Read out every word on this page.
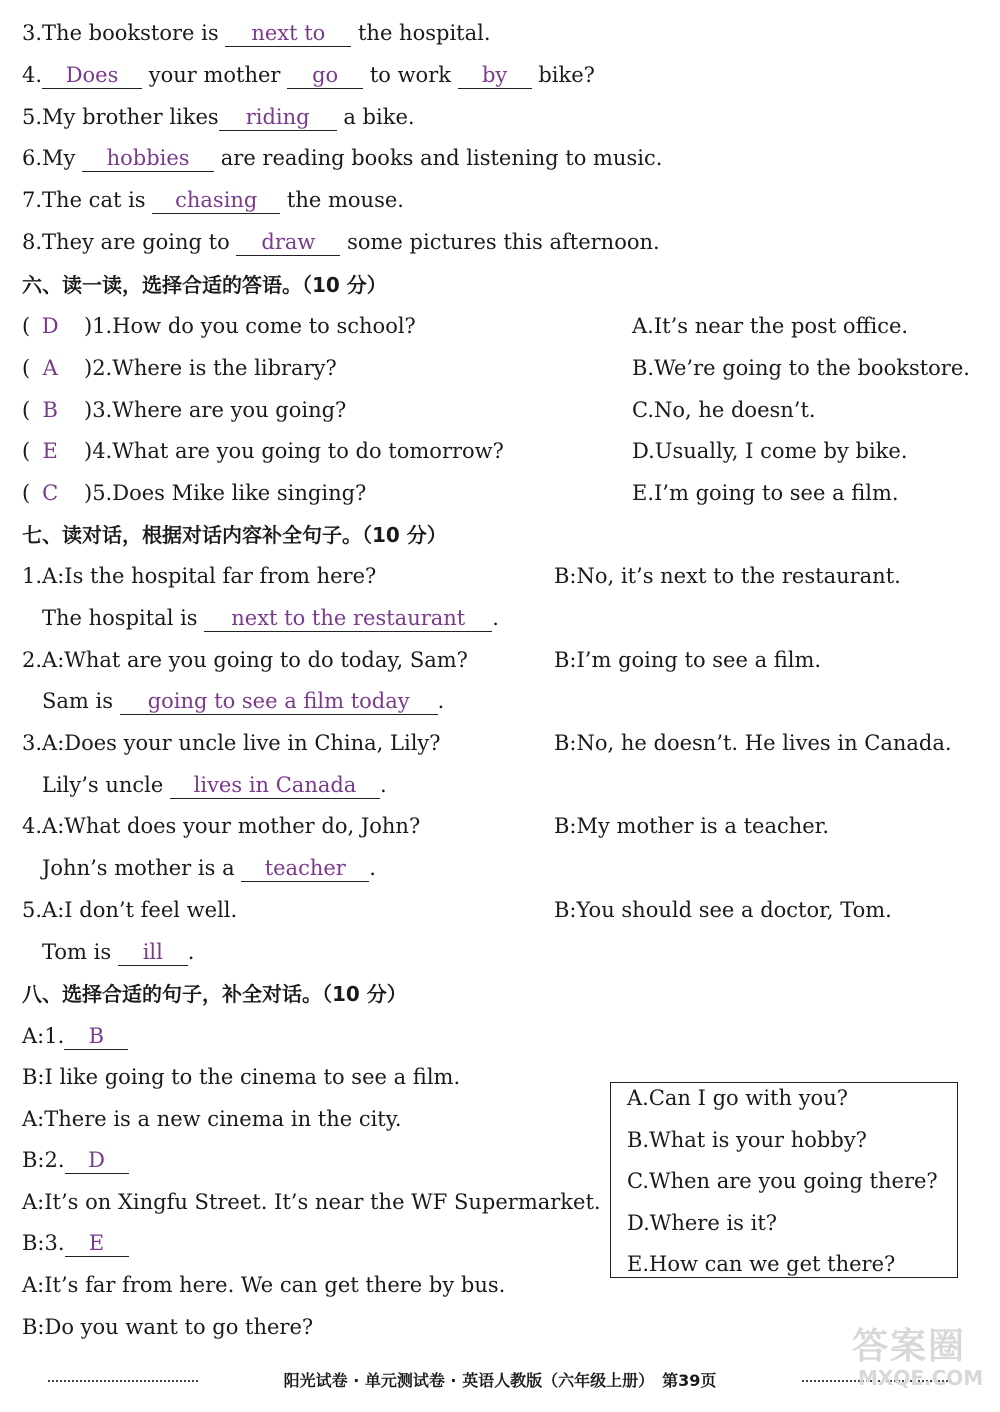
3.The bookstore is next to the hospital.
4. Does your mother go to work by bike?
5.My brother likes riding a bike.
6.My hobbies are reading books and listening to music.
7.The cat is chasing the mouse.
8.They are going to draw some pictures this afternoon.
六、读一读，选择合适的答语。（10 分）
( D )1.How do you come to school?
( A )2.Where is the library?
( B )3.Where are you going?
( E )4.What are you going to do tomorrow?
( C )5.Does Mike like singing?
A.It’s near the post office.
B.We’re going to the bookstore.
C.No, he doesn’t.
D.Usually, I come by bike.
E.I’m going to see a film.
七、读对话，根据对话内容补全句子。（10 分）
1.A:Is the hospital far from here?	B:No, it’s next to the restaurant.
The hospital is next to the restaurant .
2.A:What are you going to do today, Sam?	B:I’m going to see a film.
Sam is going to see a film today .
3.A:Does your uncle live in China, Lily?	B:No, he doesn’t. He lives in Canada.
Lily’s uncle lives in Canada .
4.A:What does your mother do, John?	B:My mother is a teacher.
John’s mother is a teacher .
5.A:I don’t feel well.	B:You should see a doctor, Tom.
Tom is ill .
八、选择合适的句子，补全对话。（10 分）
A:1. B
B:I like going to the cinema to see a film.
A:There is a new cinema in the city.
B:2. D
A:It’s on Xingfu Street. It’s near the WF Supermarket.
B:3. E
A:It’s far from here. We can get there by bus.
B:Do you want to go there?
A.Can I go with you?
B.What is your hobby?
C.When are you going there?
D.Where is it?
E.How can we get there?
阳光试卷 · 单元测试卷 · 英语人教版（六年级上册）　第39页
答案圈
MXQE.COM
